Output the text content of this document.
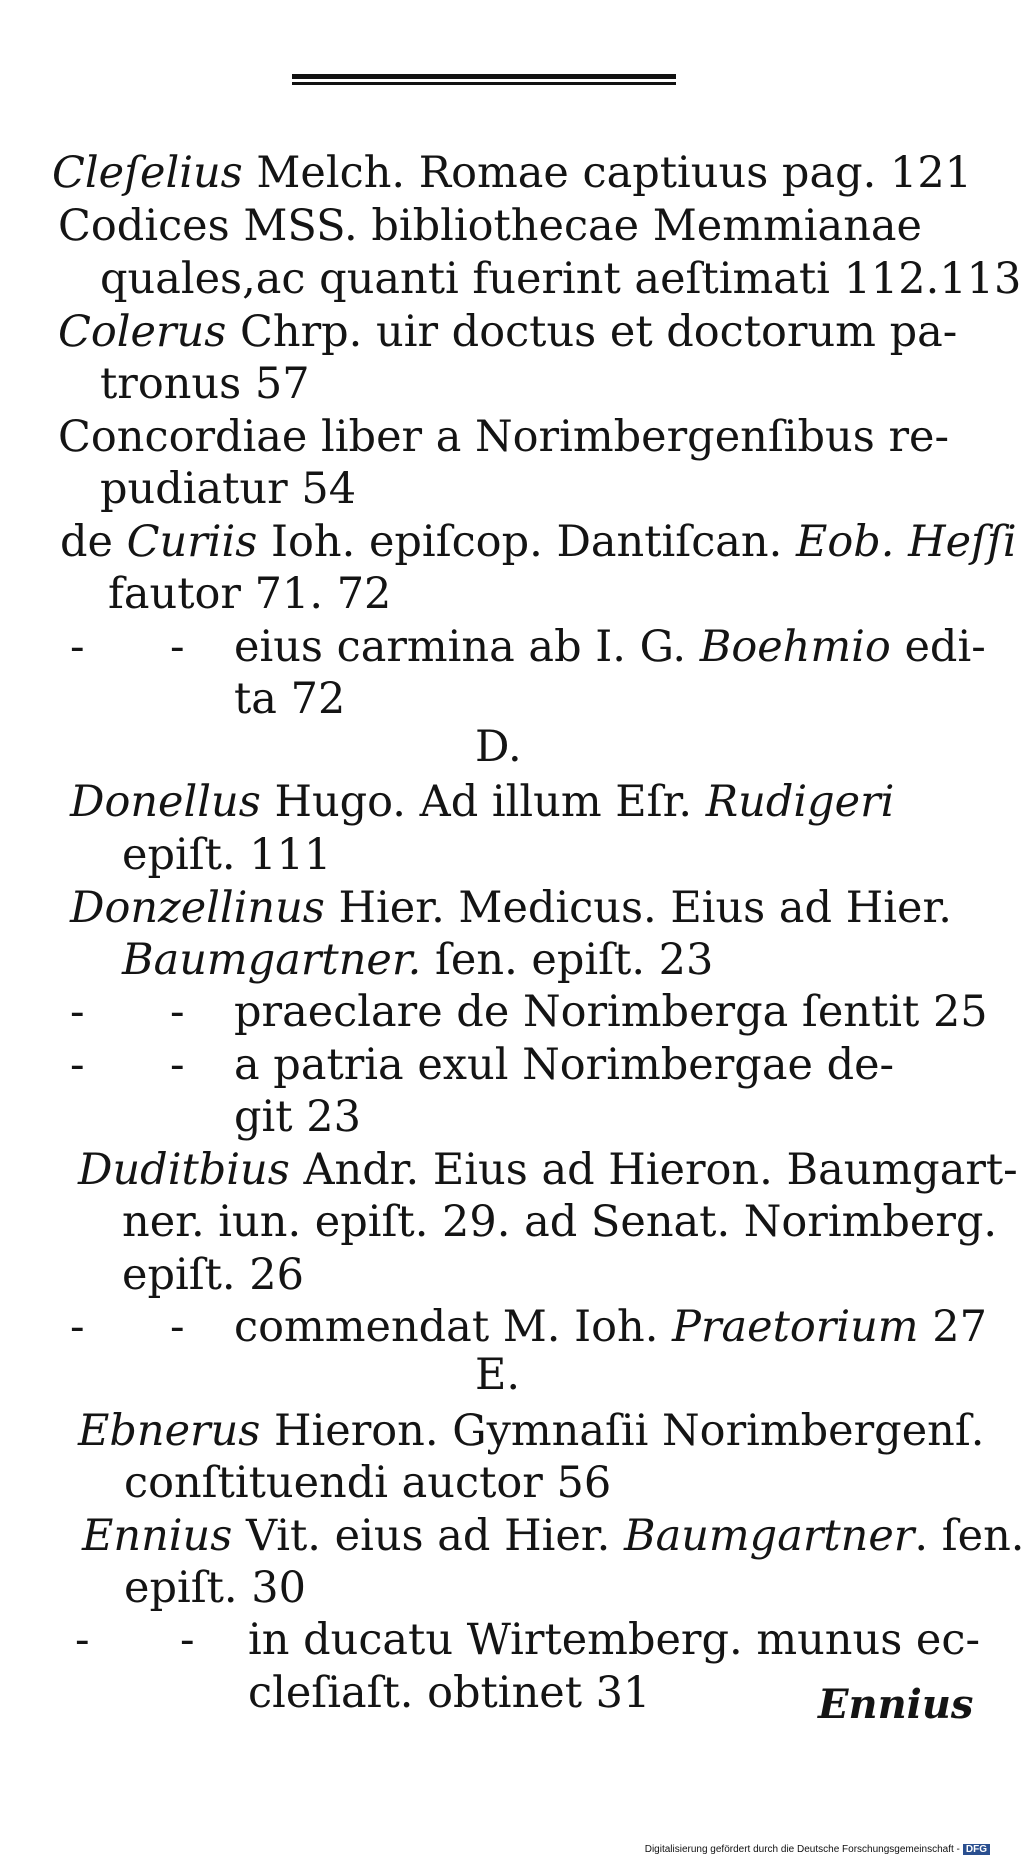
Cleſelius Melch. Romae captiuus pag. 121
Codices MSS. bibliothecae Memmianae
quales,ac quanti fuerint aeſtimati 112.113
Colerus Chrp. uir doctus et doctorum pa-
tronus 57
Concordiae liber a Norimbergenſibus re-
pudiatur 54
de Curiis Ioh. epiſcop. Dantiſcan. Eob. Heſſi
fautor 71. 72
- - eius carmina ab I. G. Boehmio edi-
ta 72
D.
Donellus Hugo. Ad illum Eſr. Rudigeri
epiſt. 111
Donzellinus Hier. Medicus. Eius ad Hier.
Baumgartner. ſen. epiſt. 23
- - praeclare de Norimberga ſentit 25
- - a patria exul Norimbergae de-
git 23
Duditbius Andr. Eius ad Hieron. Baumgart-
ner. iun. epiſt. 29. ad Senat. Norimberg.
epiſt. 26
- - commendat M. Ioh. Praetorium 27
E.
Ebnerus Hieron. Gymnaſii Norimbergenſ.
conſtituendi auctor 56
Ennius Vit. eius ad Hier. Baumgartner. ſen.
epiſt. 30
- - in ducatu Wirtemberg. munus ec-
cleſiaſt. obtinet 31	Ennius
Digitalisierung gefördert durch die Deutsche Forschungsgemeinschaft - DFG
